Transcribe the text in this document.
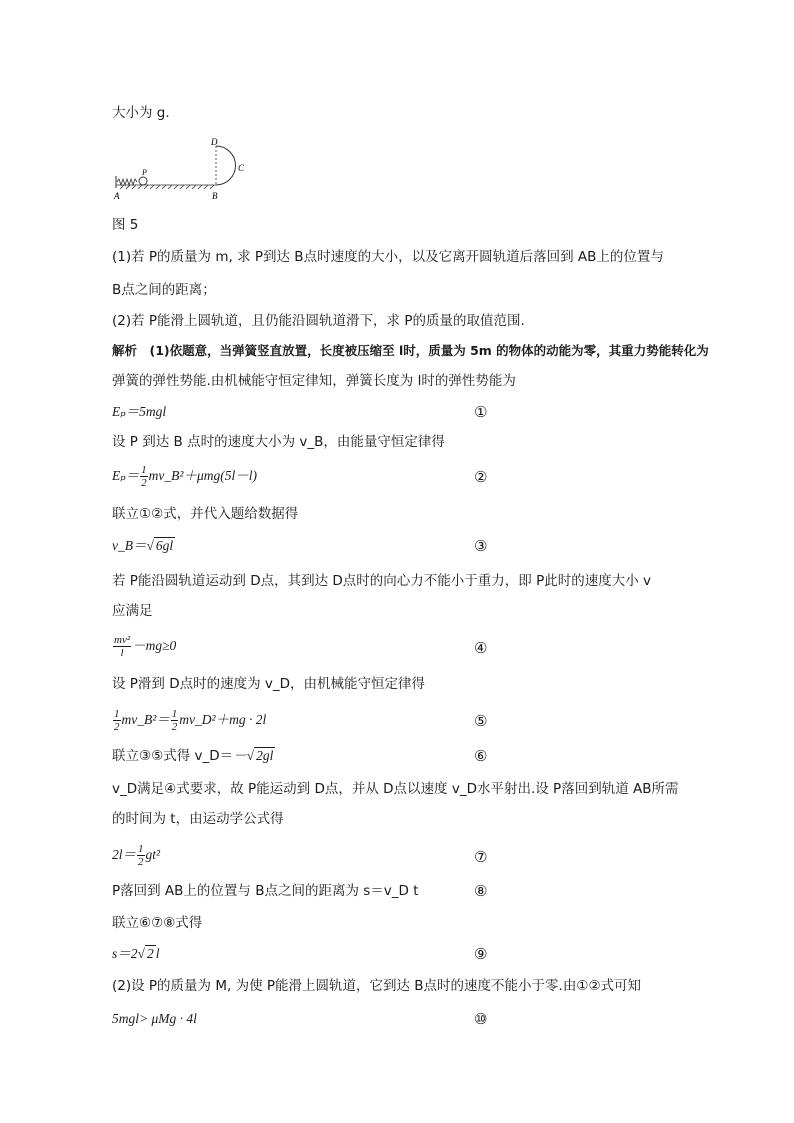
大小为 g.
D
C
P
A	B
图 5
(1)若 P的质量为 m, 求 P到达 B点时速度的大小，以及它离开圆轨道后落回到 AB上的位置与
B点之间的距离；
(2)若 P能滑上圆轨道，且仍能沿圆轨道滑下，求 P的质量的取值范围.
解析　(1)依题意，当弹簧竖直放置，长度被压缩至 l时，质量为 5m 的物体的动能为零，其重力势能转化为
弹簧的弹性势能.由机械能守恒定律知，弹簧长度为 l时的弹性势能为
Eₚ＝5mgl	①
设 P 到达 B 点时的速度大小为 v_B，由能量守恒定律得
$E_p= \frac{1}{2}$ mv_B²＋μmg(5l－l)	②
联立①②式，并代入题给数据得
v_B＝√ 6gl	③
若 P能沿圆轨道运动到 D点，其到达 D点时的向心力不能小于重力，即 P此时的速度大小 v
应满足
$\frac{\text{mv²}}{l} -mg\ge 0$	④
设 P滑到 D点时的速度为 v_D，由机械能守恒定律得
$\frac{1}{2}$ mv_B²＝ $\frac{1}{2}$ mv_D²＋mg · 2l	⑤
联立③⑤式得 v_D＝－√ 2gl	⑥
v_D满足④式要求，故 P能运动到 D点，并从 D点以速度 v_D水平射出.设 P落回到轨道 AB所需
的时间为 t，由运动学公式得
$2l= \frac{1}{2} gt^2$	⑦
P落回到 AB上的位置与 B点之间的距离为 s＝v_D t	⑧
联立⑥⑦⑧式得
s＝2√ 2 l	⑨
(2)设 P的质量为 M, 为使 P能滑上圆轨道，它到达 B点时的速度不能小于零.由①②式可知
5mgl> μMg · 4l	⑩
